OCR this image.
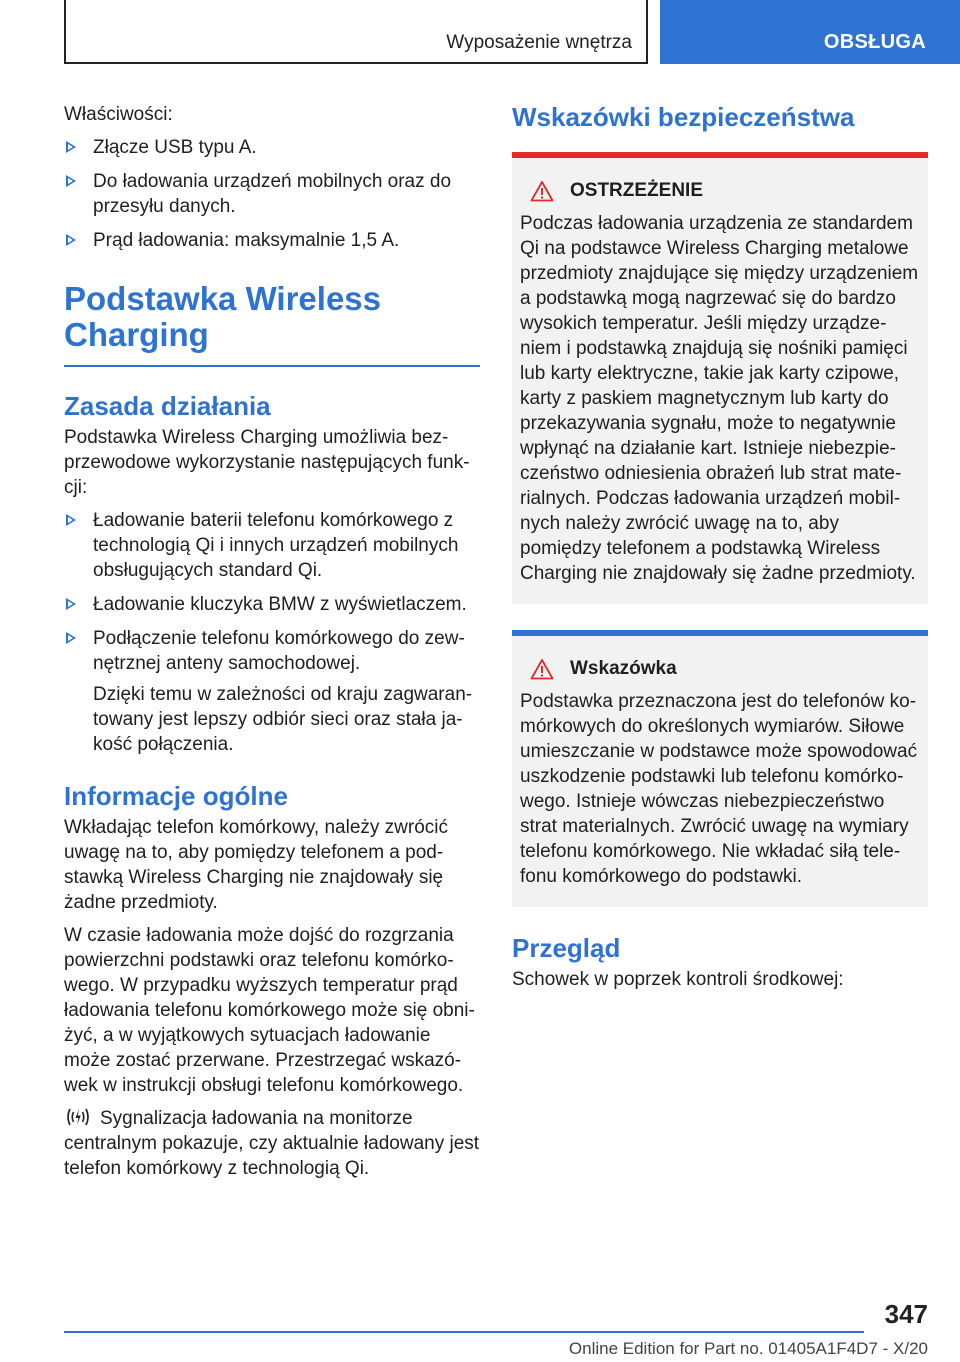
Wyposażenie wnętrza	OBSŁUGA

Właściwości:

Złącze USB typu A.
Do ładowania urządzeń mobilnych oraz do przesyłu danych.
Prąd ładowania: maksymalnie 1,5 A.
Podstawka Wireless Charging
Zasada działania

Podstawka Wireless Charging umożliwia bezprzewodowe wykorzystanie następujących funkcji:

Ładowanie baterii telefonu komórkowego z technologią Qi i innych urządzeń mobilnych obsługujących standard Qi.
Ładowanie kluczyka BMW z wyświetlaczem.
Podłączenie telefonu komórkowego do zewnętrznej anteny samochodowej.
Dzięki temu w zależności od kraju zagwarantowany jest lepszy odbiór sieci oraz stała jakość połączenia.
Informacje ogólne

Wkładając telefon komórkowy, należy zwrócić uwagę na to, aby pomiędzy telefonem a podstawką Wireless Charging nie znajdowały się żadne przedmioty.

W czasie ładowania może dojść do rozgrzania powierzchni podstawki oraz telefonu komórkowego. W przypadku wyższych temperatur prąd ładowania telefonu komórkowego może się obniżyć, a w wyjątkowych sytuacjach ładowanie może zostać przerwane. Przestrzegać wskazówek w instrukcji obsługi telefonu komórkowego.

Sygnalizacja ładowania na monitorze centralnym pokazuje, czy aktualnie ładowany jest telefon komórkowy z technologią Qi.

Wskazówki bezpieczeństwa
OSTRZEŻENIE

Podczas ładowania urządzenia ze standardem Qi na podstawce Wireless Charging metalowe przedmioty znajdujące się między urządzeniem a podstawką mogą nagrzewać się do bardzo wysokich temperatur. Jeśli między urządzeniem i podstawką znajdują się nośniki pamięci lub karty elektryczne, takie jak karty czipowe, karty z paskiem magnetycznym lub karty do przekazywania sygnału, może to negatywnie wpłynąć na działanie kart. Istnieje niebezpieczeństwo odniesienia obrażeń lub strat materialnych. Podczas ładowania urządzeń mobilnych należy zwrócić uwagę na to, aby pomiędzy telefonem a podstawką Wireless Charging nie znajdowały się żadne przedmioty.

Wskazówka

Podstawka przeznaczona jest do telefonów komórkowych do określonych wymiarów. Siłowe umieszczanie w podstawce może spowodować uszkodzenie podstawki lub telefonu komórkowego. Istnieje wówczas niebezpieczeństwo strat materialnych. Zwrócić uwagę na wymiary telefonu komórkowego. Nie wkładać siłą telefonu komórkowego do podstawki.

Przegląd

Schowek w poprzek kontroli środkowej:

347
Online Edition for Part no. 01405A1F4D7 - X/20
